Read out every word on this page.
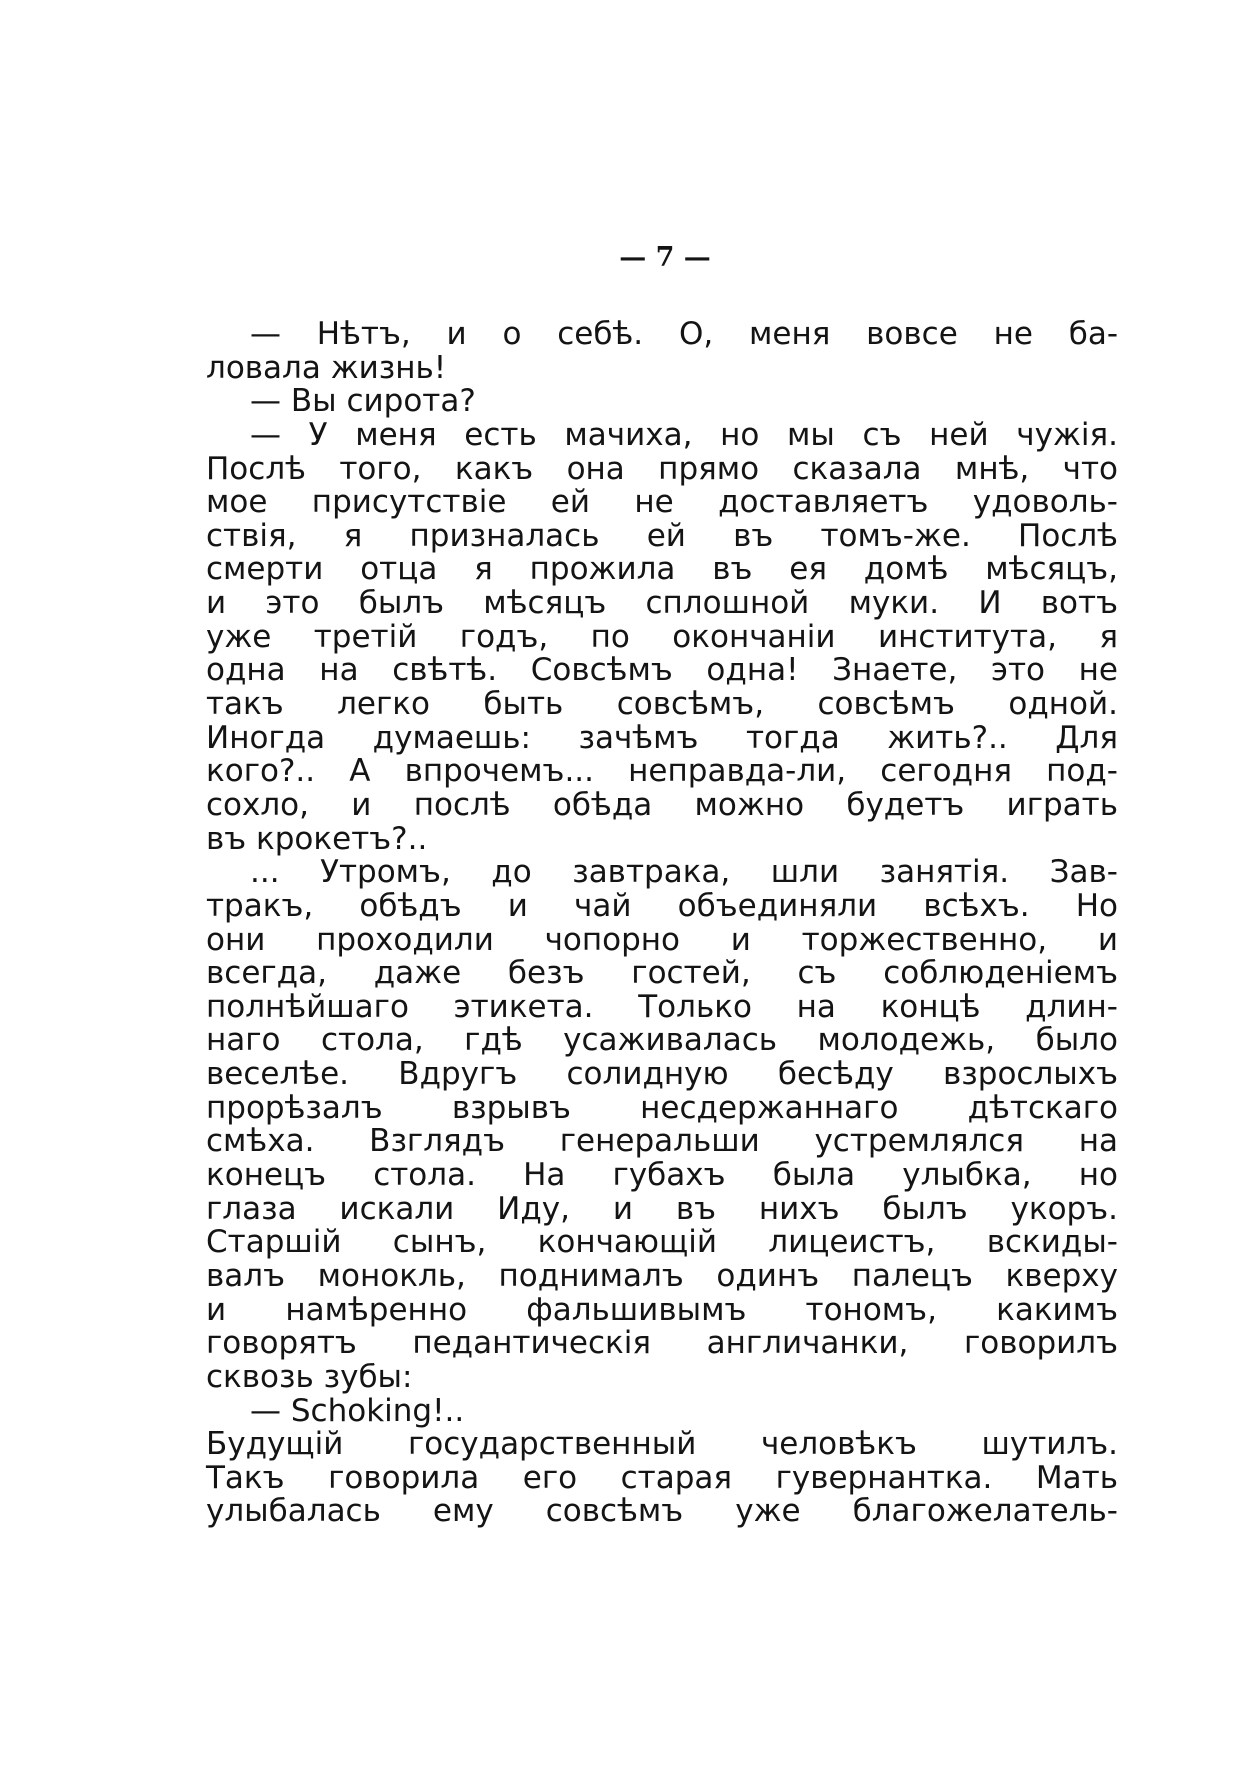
— 7 —
— Нѣтъ, и о себѣ. О, меня вовсе не ба-
ловала жизнь!
— Вы сирота?
— У меня есть мачиха, но мы съ ней чужія.
Послѣ того, какъ она прямо сказала мнѣ, что
мое присутствіе ей не доставляетъ удоволь-
ствія, я призналась ей въ томъ-же. Послѣ
смерти отца я прожила въ ея домѣ мѣсяцъ,
и это былъ мѣсяцъ сплошной муки. И вотъ
уже третій годъ, по окончаніи института, я
одна на свѣтѣ. Совсѣмъ одна! Знаете, это не
такъ легко быть совсѣмъ, совсѣмъ одной.
Иногда думаешь: зачѣмъ тогда жить?.. Для
кого?.. А впрочемъ... неправда-ли, сегодня под-
сохло, и послѣ обѣда можно будетъ играть
въ крокетъ?..
... Утромъ, до завтрака, шли занятія. Зав-
тракъ, обѣдъ и чай объединяли всѣхъ. Но
они проходили чопорно и торжественно, и
всегда, даже безъ гостей, съ соблюденіемъ
полнѣйшаго этикета. Только на концѣ длин-
наго стола, гдѣ усаживалась молодежь, было
веселѣе. Вдругъ солидную бесѣду взрослыхъ
прорѣзалъ взрывъ несдержаннаго дѣтскаго
смѣха. Взглядъ генеральши устремлялся на
конецъ стола. На губахъ была улыбка, но
глаза искали Иду, и въ нихъ былъ укоръ.
Старшій сынъ, кончающій лицеистъ, вскиды-
валъ монокль, поднималъ одинъ палецъ кверху
и намѣренно фальшивымъ тономъ, какимъ
говорятъ педантическія англичанки, говорилъ
сквозь зубы:
— Schoking!..
Будущій государственный человѣкъ шутилъ.
Такъ говорила его старая гувернантка. Мать
улыбалась ему совсѣмъ уже благожелатель-
